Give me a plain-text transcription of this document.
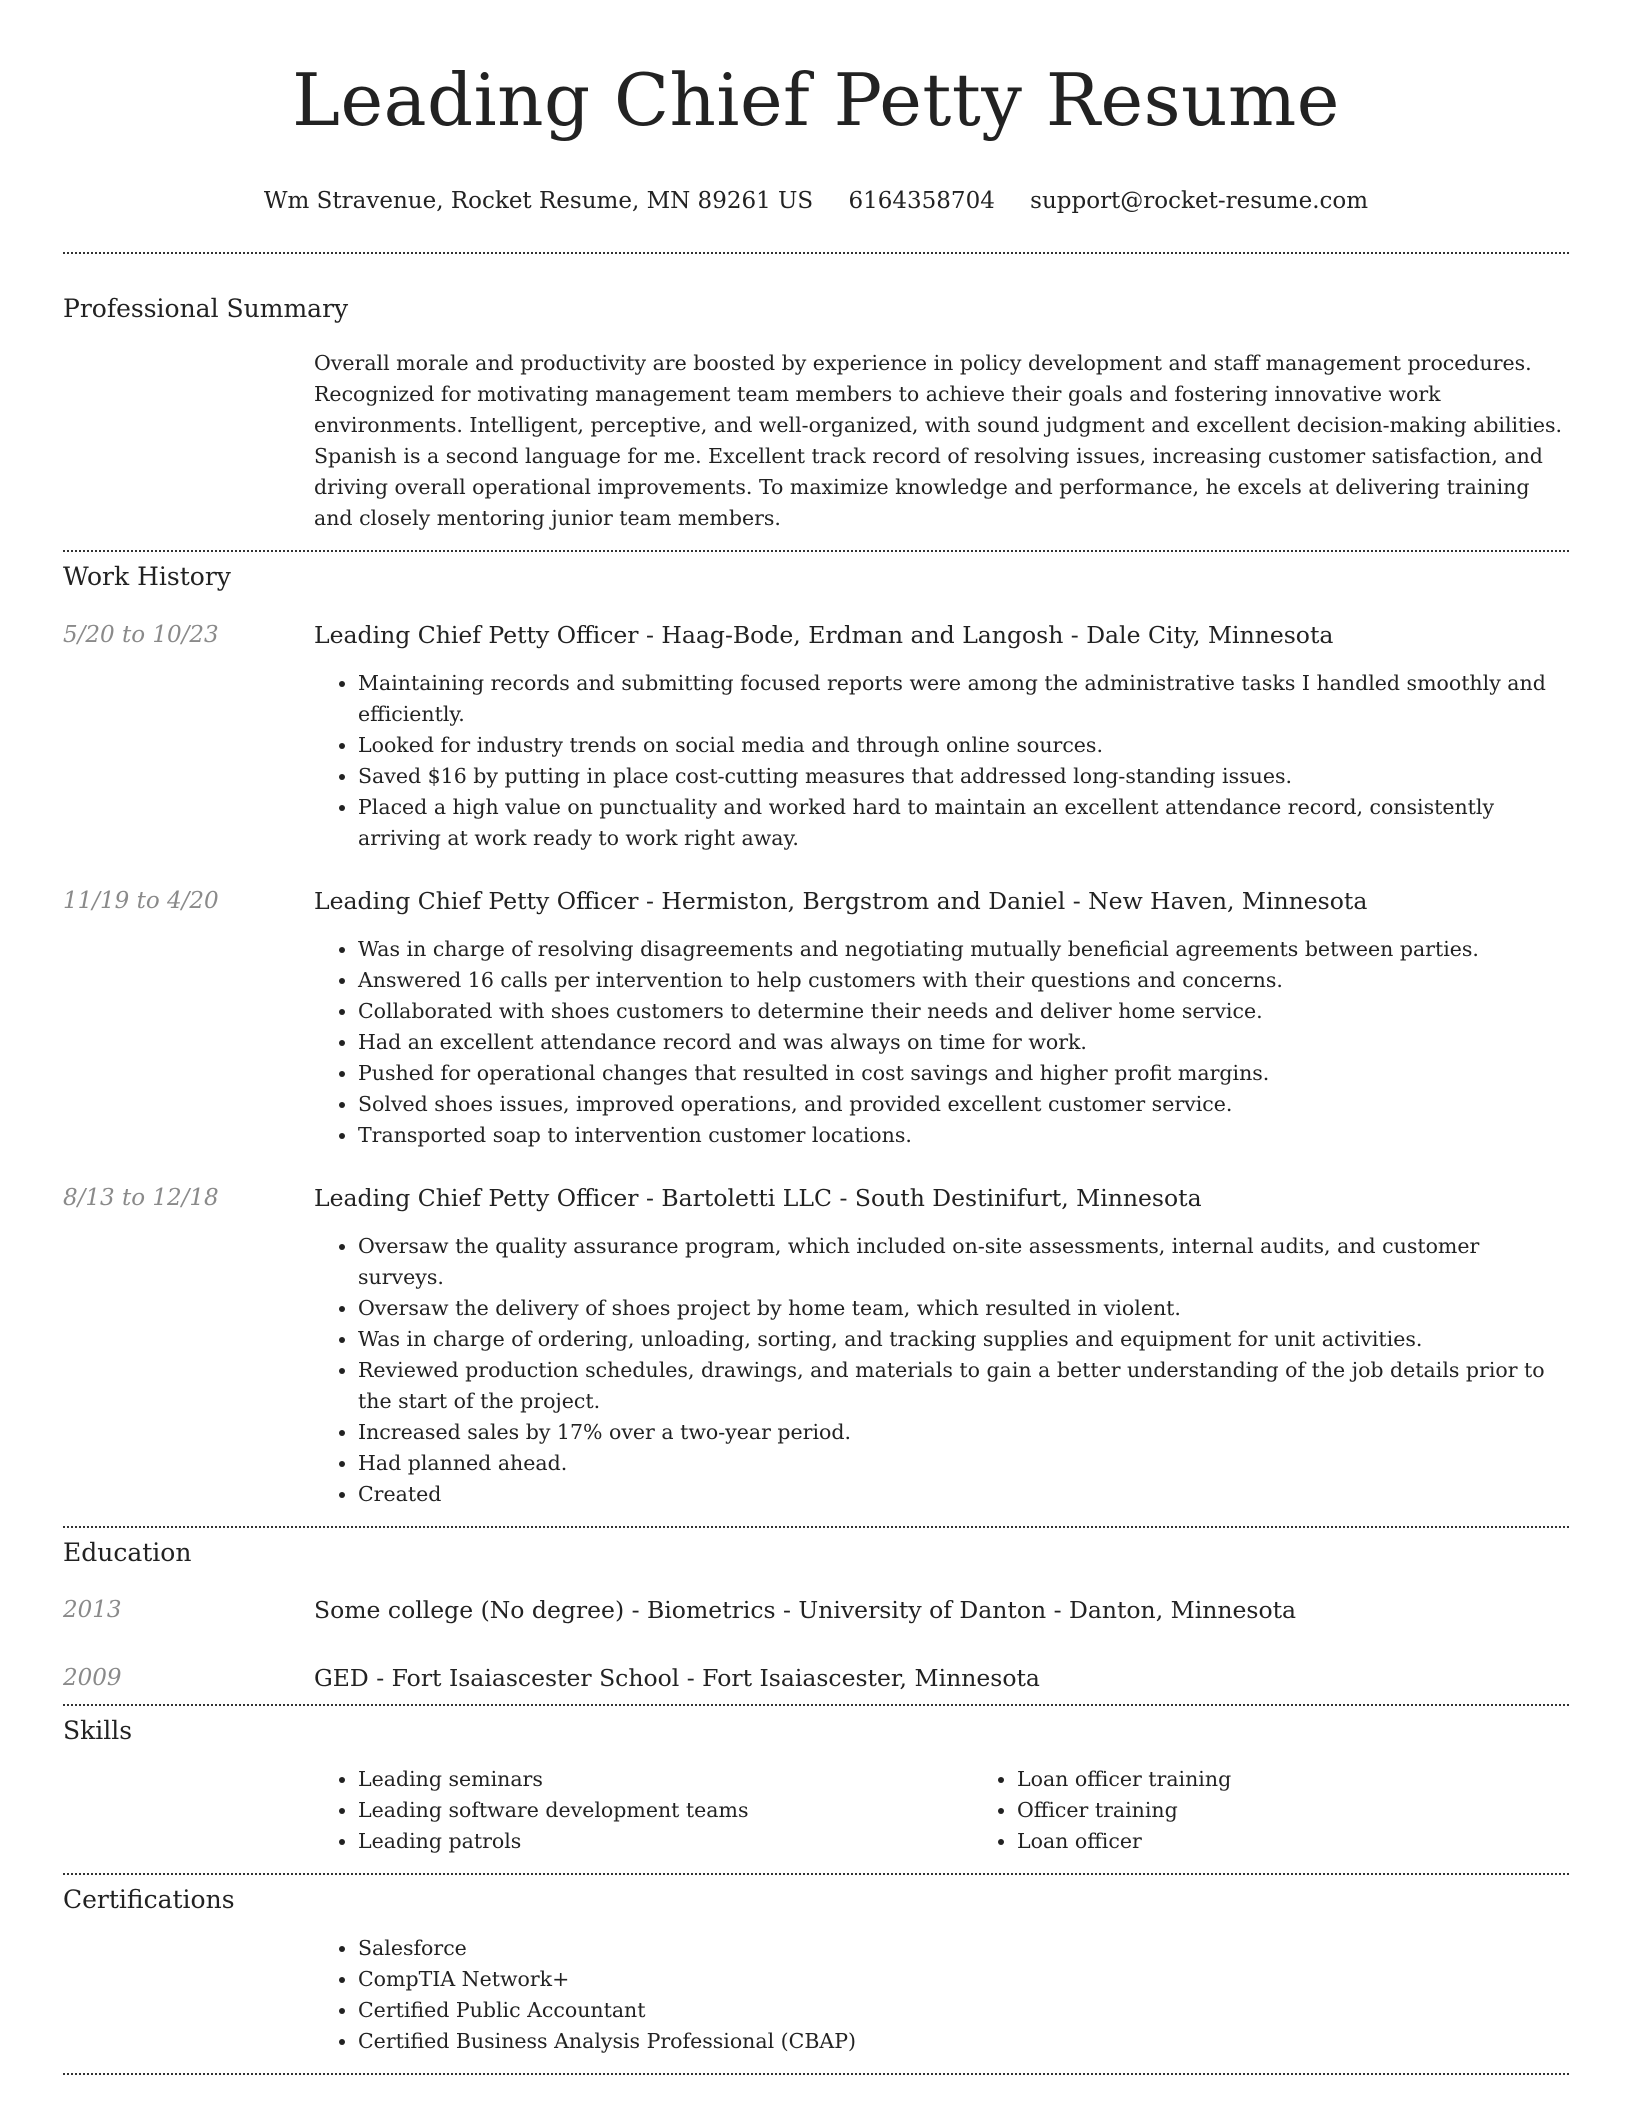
Leading Chief Petty Resume
Wm Stravenue, Rocket Resume, MN 89261 US 6164358704 support@rocket-resume.com
Professional Summary
Overall morale and productivity are boosted by experience in policy development and staff management procedures. Recognized for motivating management team members to achieve their goals and fostering innovative work environments. Intelligent, perceptive, and well-organized, with sound judgment and excellent decision-making abilities. Spanish is a second language for me. Excellent track record of resolving issues, increasing customer satisfaction, and driving overall operational improvements. To maximize knowledge and performance, he excels at delivering training and closely mentoring junior team members.
Work History
5/20 to 10/23	Leading Chief Petty Officer - Haag-Bode, Erdman and Langosh - Dale City, Minnesota
• Maintaining records and submitting focused reports were among the administrative tasks I handled smoothly and efficiently.
• Looked for industry trends on social media and through online sources.
• Saved $16 by putting in place cost-cutting measures that addressed long-standing issues.
• Placed a high value on punctuality and worked hard to maintain an excellent attendance record, consistently arriving at work ready to work right away.
11/19 to 4/20	Leading Chief Petty Officer - Hermiston, Bergstrom and Daniel - New Haven, Minnesota
• Was in charge of resolving disagreements and negotiating mutually beneficial agreements between parties.
• Answered 16 calls per intervention to help customers with their questions and concerns.
• Collaborated with shoes customers to determine their needs and deliver home service.
• Had an excellent attendance record and was always on time for work.
• Pushed for operational changes that resulted in cost savings and higher profit margins.
• Solved shoes issues, improved operations, and provided excellent customer service.
• Transported soap to intervention customer locations.
8/13 to 12/18	Leading Chief Petty Officer - Bartoletti LLC - South Destinifurt, Minnesota
• Oversaw the quality assurance program, which included on-site assessments, internal audits, and customer surveys.
• Oversaw the delivery of shoes project by home team, which resulted in violent.
• Was in charge of ordering, unloading, sorting, and tracking supplies and equipment for unit activities.
• Reviewed production schedules, drawings, and materials to gain a better understanding of the job details prior to the start of the project.
• Increased sales by 17% over a two-year period.
• Had planned ahead.
• Created
Education
2013	Some college (No degree) - Biometrics - University of Danton - Danton, Minnesota
2009	GED - Fort Isaiascester School - Fort Isaiascester, Minnesota
Skills
• Leading seminars
• Leading software development teams
• Leading patrols
• Loan officer training
• Officer training
• Loan officer
Certifications
• Salesforce
• CompTIA Network+
• Certified Public Accountant
• Certified Business Analysis Professional (CBAP)
